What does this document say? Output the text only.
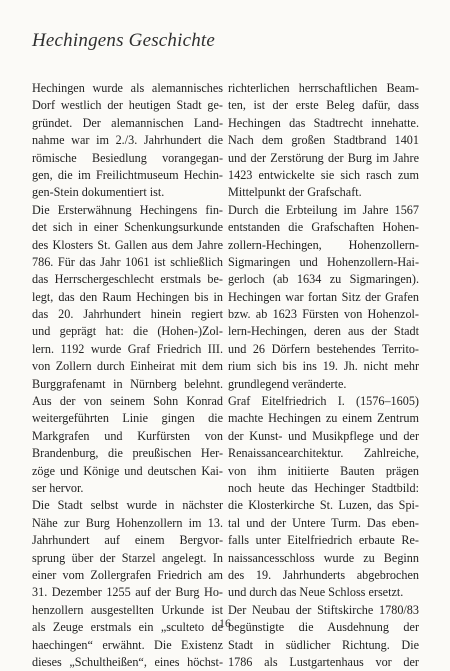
Hechingens Geschichte
Hechingen wurde als alemannisches
Dorf westlich der heutigen Stadt ge-
gründet. Der alemannischen Land-
nahme war im 2./3. Jahrhundert die
römische Besiedlung vorangegan-
gen, die im Freilichtmuseum Hechin-
gen-Stein dokumentiert ist.
Die Ersterwähnung Hechingens fin-
det sich in einer Schenkungsurkunde
des Klosters St. Gallen aus dem Jahre
786. Für das Jahr 1061 ist schließlich
das Herrschergeschlecht erstmals be-
legt, das den Raum Hechingen bis in
das 20. Jahrhundert hinein regiert
und geprägt hat: die (Hohen-)Zol-
lern. 1192 wurde Graf Friedrich III.
von Zollern durch Einheirat mit dem
Burggrafenamt in Nürnberg belehnt.
Aus der von seinem Sohn Konrad
weitergeführten Linie gingen die
Markgrafen und Kurfürsten von
Brandenburg, die preußischen Her-
zöge und Könige und deutschen Kai-
ser hervor.
Die Stadt selbst wurde in nächster
Nähe zur Burg Hohenzollern im 13.
Jahrhundert auf einem Bergvor-
sprung über der Starzel angelegt. In
einer vom Zollergrafen Friedrich am
31. Dezember 1255 auf der Burg Ho-
henzollern ausgestellten Urkunde ist
als Zeuge erstmals ein „sculteto de
haechingen“ erwähnt. Die Existenz
dieses „Schultheißen“, eines höchst-
richterlichen herrschaftlichen Beam-
ten, ist der erste Beleg dafür, dass
Hechingen das Stadtrecht innehatte.
Nach dem großen Stadtbrand 1401
und der Zerstörung der Burg im Jahre
1423 entwickelte sie sich rasch zum
Mittelpunkt der Grafschaft.
Durch die Erbteilung im Jahre 1567
entstanden die Grafschaften Hohen-
zollern-Hechingen, Hohenzollern-
Sigmaringen und Hohenzollern-Hai-
gerloch (ab 1634 zu Sigmaringen).
Hechingen war fortan Sitz der Grafen
bzw. ab 1623 Fürsten von Hohenzol-
lern-Hechingen, deren aus der Stadt
und 26 Dörfern bestehendes Territo-
rium sich bis ins 19. Jh. nicht mehr
grundlegend veränderte.
Graf Eitelfriedrich I. (1576–1605)
machte Hechingen zu einem Zentrum
der Kunst- und Musikpflege und der
Renaissancearchitektur. Zahlreiche,
von ihm initiierte Bauten prägen
noch heute das Hechinger Stadtbild:
die Klosterkirche St. Luzen, das Spi-
tal und der Untere Turm. Das eben-
falls unter Eitelfriedrich erbaute Re-
naissancesschloss wurde zu Beginn
des 19. Jahrhunderts abgebrochen
und durch das Neue Schloss ersetzt.
Der Neubau der Stiftskirche 1780/83
begünstigte die Ausdehnung der
Stadt in südlicher Richtung. Die
1786 als Lustgartenhaus vor der
16
